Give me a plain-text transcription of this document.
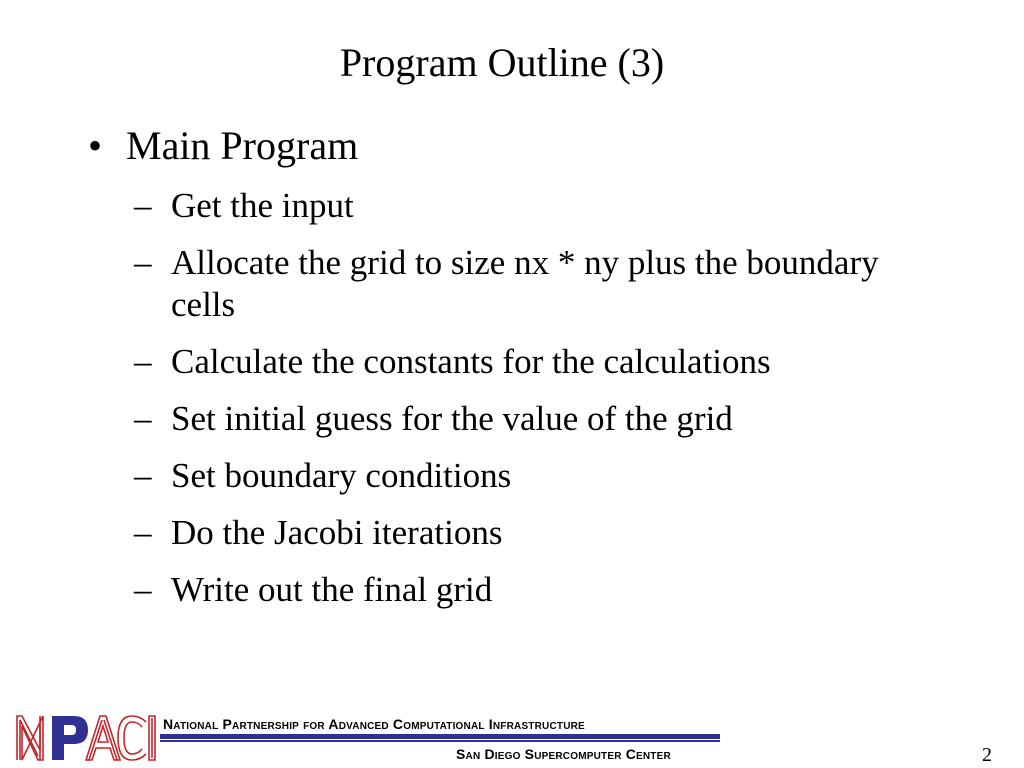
Program Outline (3)
• Main Program
– Get the input
– Allocate the grid to size nx * ny plus the boundary cells
– Calculate the constants for the calculations
– Set initial guess for the value of the grid
– Set boundary conditions
– Do the Jacobi iterations
– Write out the final grid
National Partnership for Advanced Computational Infrastructure
San Diego Supercomputer Center	2
